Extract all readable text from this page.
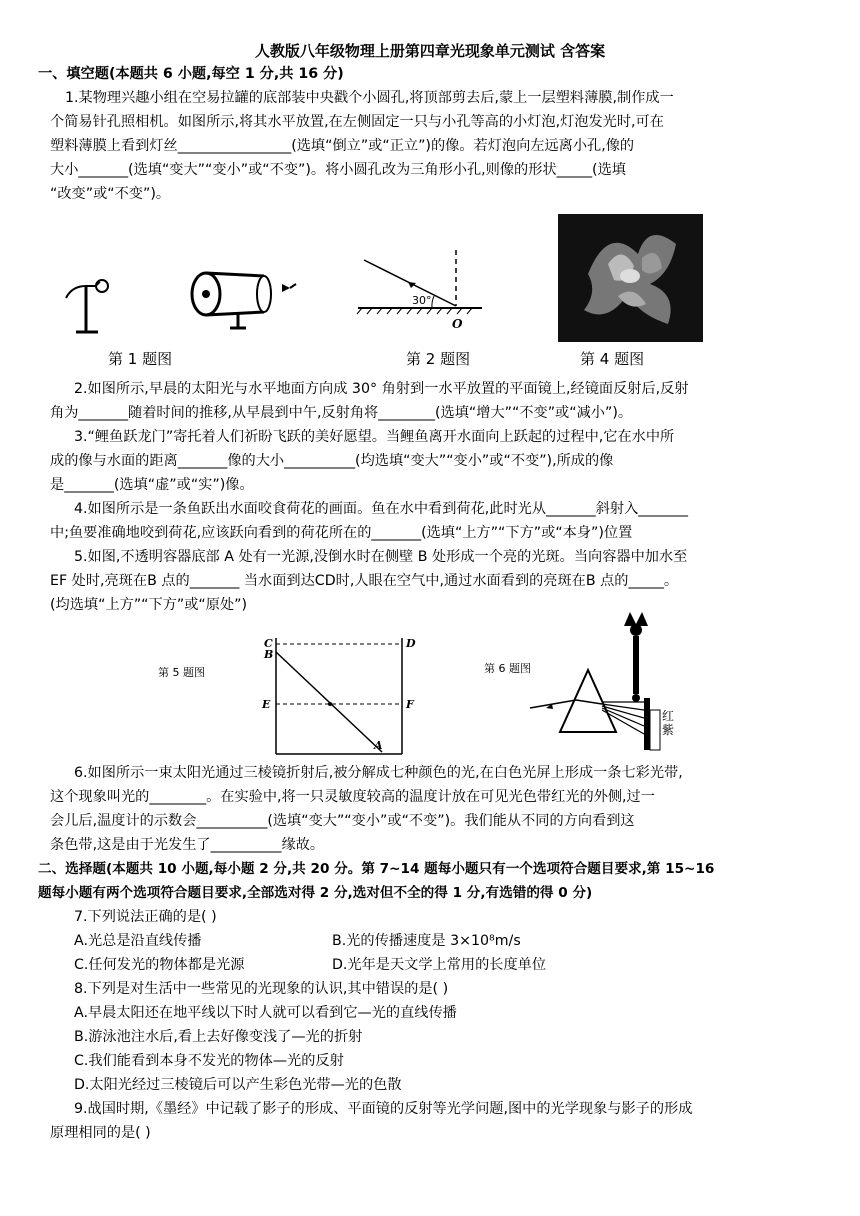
人教版八年级物理上册第四章光现象单元测试 含答案
一、填空题(本题共 6 小题,每空 1 分,共 16 分)
1.某物理兴趣小组在空易拉罐的底部装中央戳个小圆孔,将顶部剪去后,蒙上一层塑料薄膜,制作成一
个简易针孔照相机。如图所示,将其水平放置,在左侧固定一只与小孔等高的小灯泡,灯泡发光时,可在
塑料薄膜上看到灯丝________________(选填“倒立”或“正立”)的像。若灯泡向左远离小孔,像的
大小_______(选填“变大”“变小”或“不变”)。将小圆孔改为三角形小孔,则像的形状_____(选填
“改变”或“不变”)。
第 1 题图
30°
O
第 2 题图	第 4 题图
2.如图所示,早晨的太阳光与水平地面方向成 30° 角射到一水平放置的平面镜上,经镜面反射后,反射
角为_______随着时间的推移,从早晨到中午,反射角将________(选填“增大”“不变”或“减小”)。
3.“鲤鱼跃龙门”寄托着人们祈盼飞跃的美好愿望。当鲤鱼离开水面向上跃起的过程中,它在水中所
成的像与水面的距离_______像的大小__________(均选填“变大”“变小”或“不变”),所成的像
是_______(选填“虚”或“实”)像。
4.如图所示是一条鱼跃出水面咬食荷花的画面。鱼在水中看到荷花,此时光从_______斜射入_______
中;鱼要准确地咬到荷花,应该跃向看到的荷花所在的_______(选填“上方”“下方”或“本身”)位置
5.如图,不透明容器底部 A 处有一光源,没倒水时在侧壁 B 处形成一个亮的光斑。当向容器中加水至
EF 处时,亮斑在B 点的_______ 当水面到达CD时,人眼在空气中,通过水面看到的亮斑在B 点的_____。
(均选填“上方”“下方”或“原处”)
第 5 题图
C
B
E
A
D
F
第 6 题图
红
紫
6.如图所示一束太阳光通过三棱镜折射后,被分解成七种颜色的光,在白色光屏上形成一条七彩光带,
这个现象叫光的________。在实验中,将一只灵敏度较高的温度计放在可见光色带红光的外侧,过一
会儿后,温度计的示数会__________(选填“变大”“变小”或“不变”)。我们能从不同的方向看到这
条色带,这是由于光发生了__________缘故。
二、选择题(本题共 10 小题,每小题 2 分,共 20 分。第 7~14 题每小题只有一个选项符合题目要求,第 15~16
题每小题有两个选项符合题目要求,全部选对得 2 分,选对但不全的得 1 分,有选错的得 0 分)
7.下列说法正确的是( )
A.光总是沿直线传播	B.光的传播速度是 3×10⁸m/s
C.任何发光的物体都是光源	D.光年是天文学上常用的长度单位
8.下列是对生活中一些常见的光现象的认识,其中错误的是( )
A.早晨太阳还在地平线以下时人就可以看到它—光的直线传播
B.游泳池注水后,看上去好像变浅了—光的折射
C.我们能看到本身不发光的物体—光的反射
D.太阳光经过三棱镜后可以产生彩色光带—光的色散
9.战国时期,《墨经》中记载了影子的形成、平面镜的反射等光学问题,图中的光学现象与影子的形成
原理相同的是( )
